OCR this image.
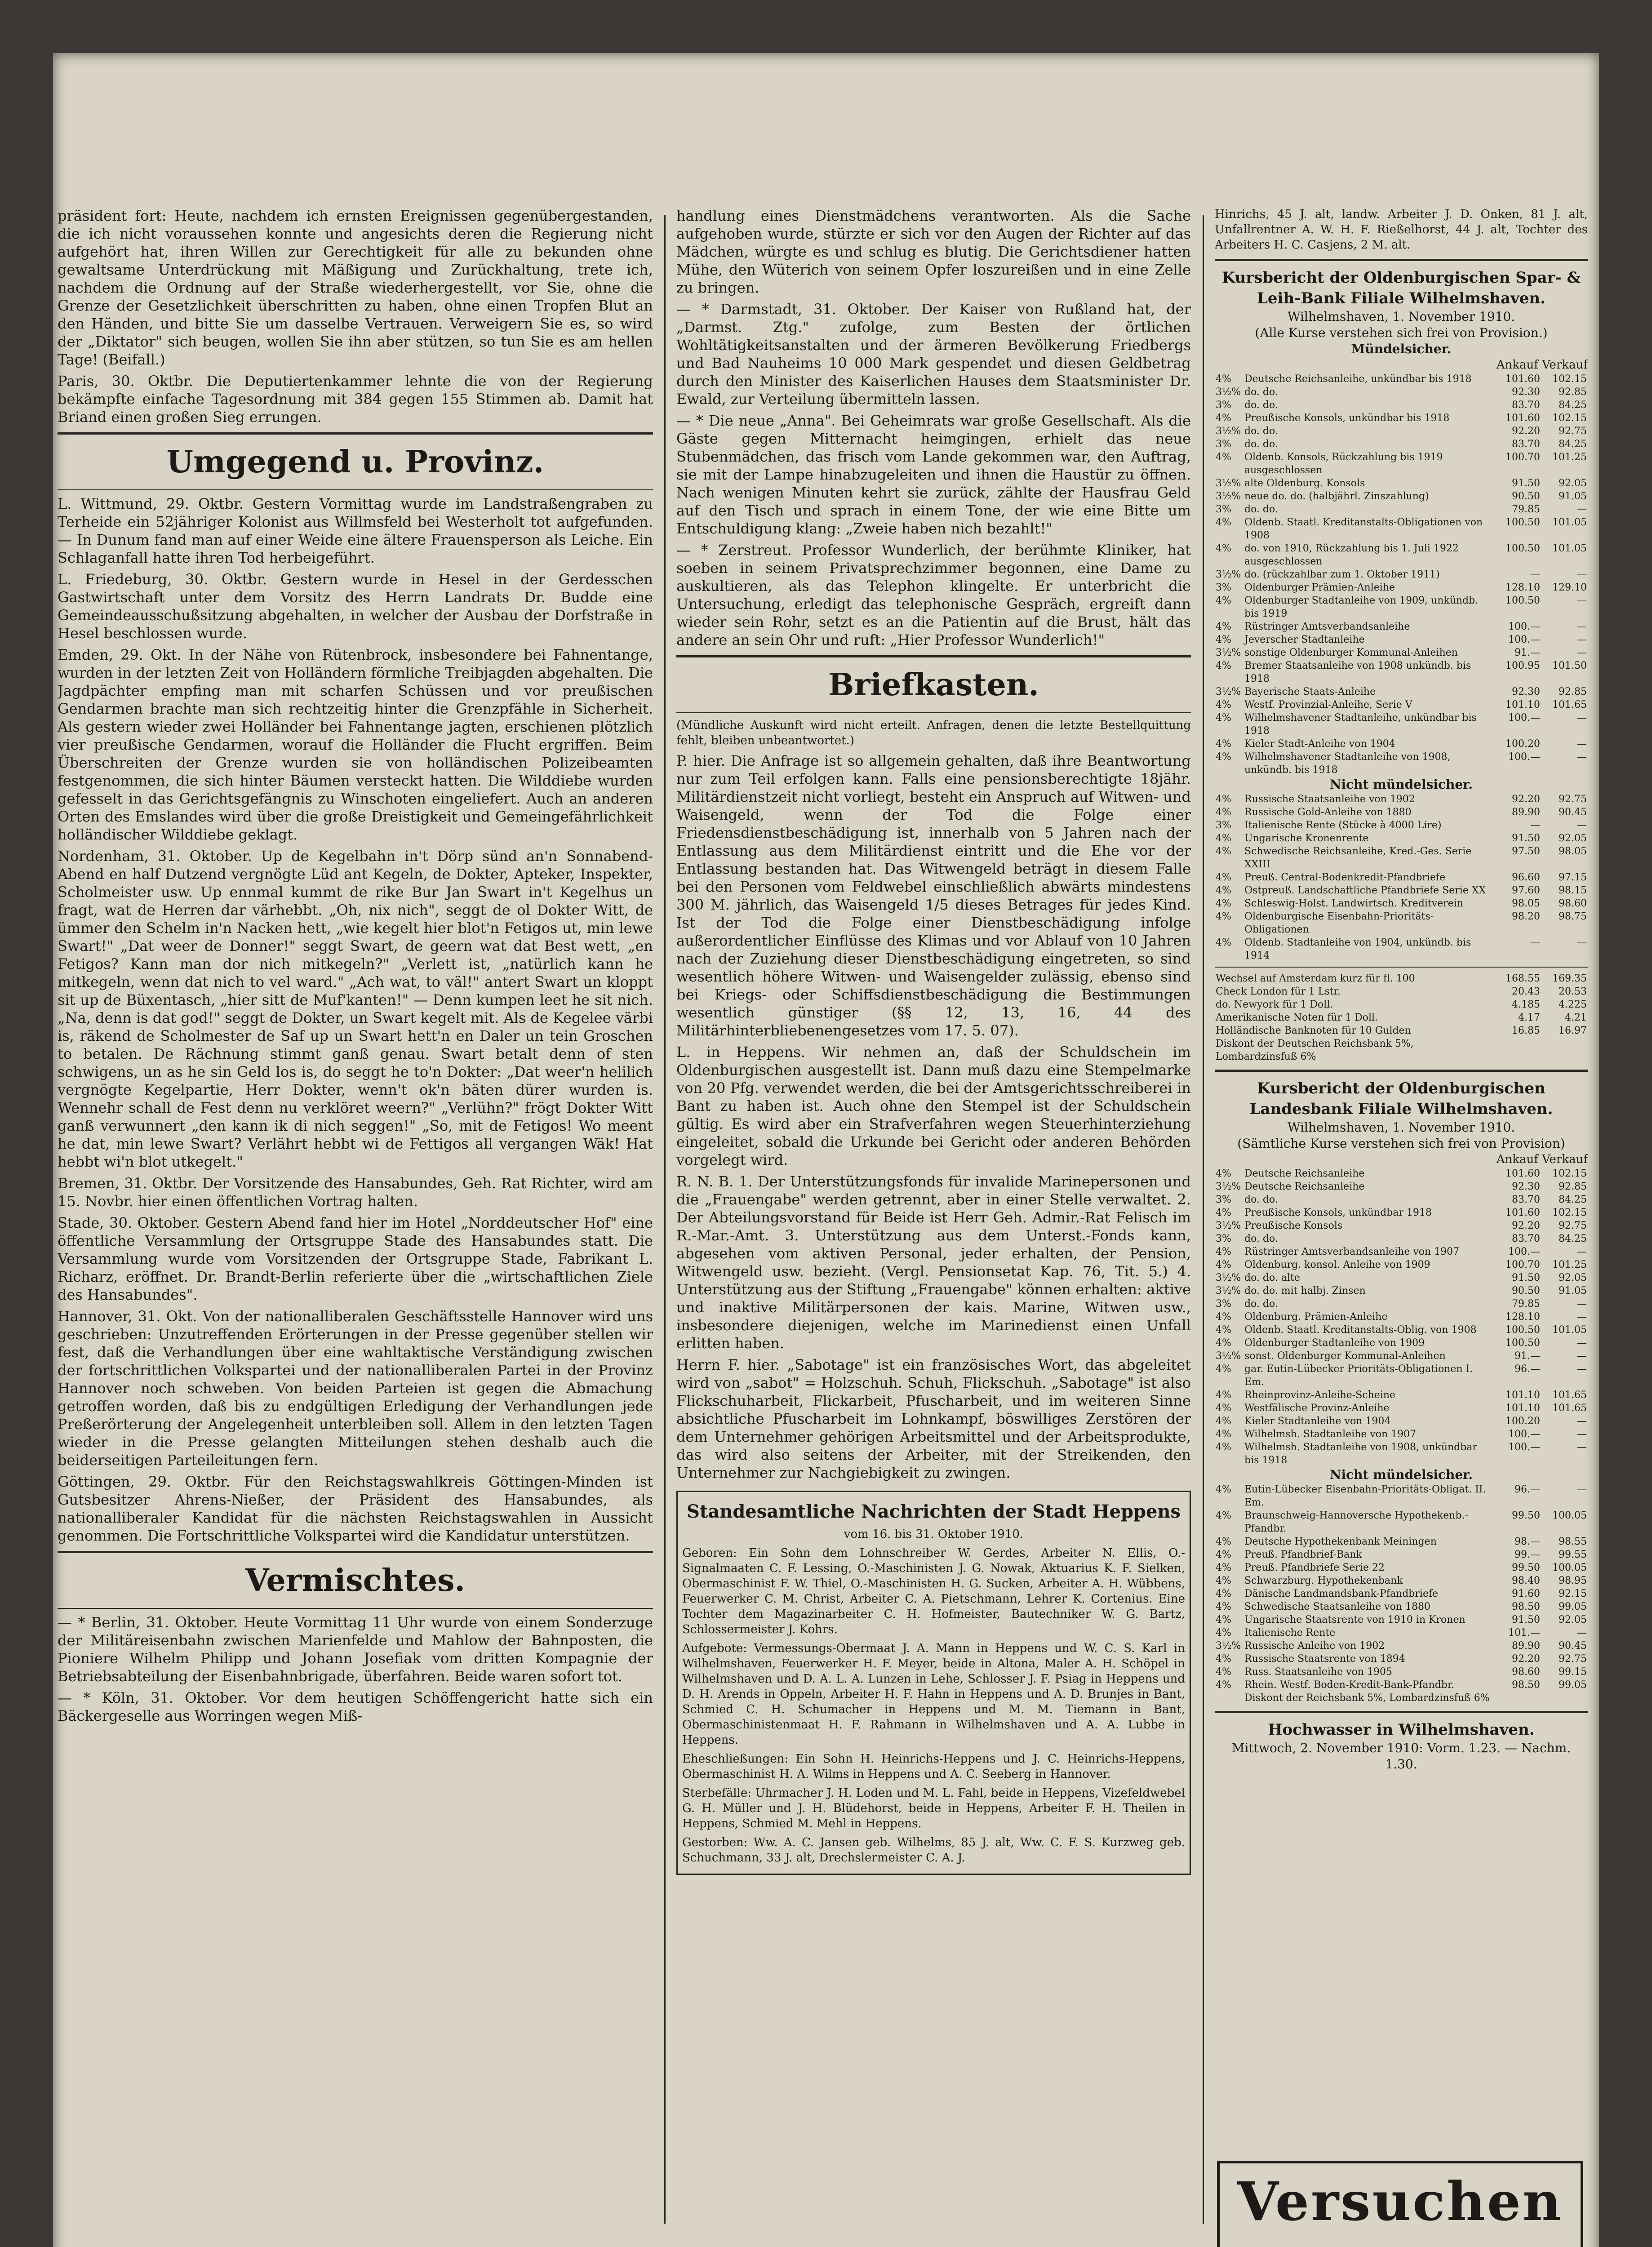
präsident fort: Heute, nachdem ich ernsten Ereignissen gegenübergestanden, die ich nicht voraussehen konnte und angesichts deren die Regierung nicht aufgehört hat, ihren Willen zur Gerechtigkeit für alle zu bekunden ohne gewaltsame Unterdrückung mit Mäßigung und Zurückhaltung, trete ich, nachdem die Ordnung auf der Straße wiederhergestellt, vor Sie, ohne die Grenze der Gesetzlichkeit überschritten zu haben, ohne einen Tropfen Blut an den Händen, und bitte Sie um dasselbe Vertrauen. Verweigern Sie es, so wird der „Diktator" sich beugen, wollen Sie ihn aber stützen, so tun Sie es am hellen Tage! (Beifall.)

Paris, 30. Oktbr. Die Deputiertenkammer lehnte die von der Regierung bekämpfte einfache Tagesordnung mit 384 gegen 155 Stimmen ab. Damit hat Briand einen großen Sieg errungen.

Umgegend u. Provinz.

L. Wittmund, 29. Oktbr. Gestern Vormittag wurde im Landstraßengraben zu Terheide ein 52jähriger Kolonist aus Willmsfeld bei Westerholt tot aufgefunden. — In Dunum fand man auf einer Weide eine ältere Frauensperson als Leiche. Ein Schlaganfall hatte ihren Tod herbeigeführt.

L. Friedeburg, 30. Oktbr. Gestern wurde in Hesel in der Gerdesschen Gastwirtschaft unter dem Vorsitz des Herrn Landrats Dr. Budde eine Gemeindeausschußsitzung abgehalten, in welcher der Ausbau der Dorfstraße in Hesel beschlossen wurde.

Emden, 29. Okt. In der Nähe von Rütenbrock, insbesondere bei Fahnentange, wurden in der letzten Zeit von Holländern förmliche Treibjagden abgehalten. Die Jagdpächter empfing man mit scharfen Schüssen und vor preußischen Gendarmen brachte man sich rechtzeitig hinter die Grenzpfähle in Sicherheit. Als gestern wieder zwei Holländer bei Fahnentange jagten, erschienen plötzlich vier preußische Gendarmen, worauf die Holländer die Flucht ergriffen. Beim Überschreiten der Grenze wurden sie von holländischen Polizeibeamten festgenommen, die sich hinter Bäumen versteckt hatten. Die Wilddiebe wurden gefesselt in das Gerichtsgefängnis zu Winschoten eingeliefert. Auch an anderen Orten des Emslandes wird über die große Dreistigkeit und Gemeingefährlichkeit holländischer Wilddiebe geklagt.

Nordenham, 31. Oktober. Up de Kegelbahn in't Dörp sünd an'n Sonnabend-Abend en half Dutzend vergnögte Lüd ant Kegeln, de Dokter, Apteker, Inspekter, Scholmeister usw. Up ennmal kummt de rike Bur Jan Swart in't Kegelhus un fragt, wat de Herren dar värhebbt. „Oh, nix nich", seggt de ol Dokter Witt, de ümmer den Schelm in'n Nacken hett, „wie kegelt hier blot'n Fetigos ut, min lewe Swart!" „Dat weer de Donner!" seggt Swart, de geern wat dat Best wett, „en Fetigos? Kann man dor nich mitkegeln?" „Verlett ist, „natürlich kann he mitkegeln, wenn dat nich to vel ward." „Ach wat, to väl!" antert Swart un kloppt sit up de Büxentasch, „hier sitt de Muf'kanten!" — Denn kumpen leet he sit nich. „Na, denn is dat god!" seggt de Dokter, un Swart kegelt mit. Als de Kegelee värbi is, räkend de Scholmester de Saf up un Swart hett'n en Daler un tein Groschen to betalen. De Rächnung stimmt ganß genau. Swart betalt denn of sten schwigens, un as he sin Geld los is, do seggt he to'n Dokter: „Dat weer'n helilich vergnögte Kegelpartie, Herr Dokter, wenn't ok'n bäten dürer wurden is. Wennehr schall de Fest denn nu verklöret weern?" „Verlühn?" frögt Dokter Witt ganß verwunnert „den kann ik di nich seggen!" „So, mit de Fetigos! Wo meent he dat, min lewe Swart? Verlährt hebbt wi de Fettigos all vergangen Wäk! Hat hebbt wi'n blot utkegelt."

Bremen, 31. Oktbr. Der Vorsitzende des Hansabundes, Geh. Rat Richter, wird am 15. Novbr. hier einen öffentlichen Vortrag halten.

Stade, 30. Oktober. Gestern Abend fand hier im Hotel „Norddeutscher Hof" eine öffentliche Versammlung der Ortsgruppe Stade des Hansabundes statt. Die Versammlung wurde vom Vorsitzenden der Ortsgruppe Stade, Fabrikant L. Richarz, eröffnet. Dr. Brandt-Berlin referierte über die „wirtschaftlichen Ziele des Hansabundes".

Hannover, 31. Okt. Von der nationalliberalen Geschäftsstelle Hannover wird uns geschrieben: Unzutreffenden Erörterungen in der Presse gegenüber stellen wir fest, daß die Verhandlungen über eine wahltaktische Verständigung zwischen der fortschrittlichen Volkspartei und der nationalliberalen Partei in der Provinz Hannover noch schweben. Von beiden Parteien ist gegen die Abmachung getroffen worden, daß bis zu endgültigen Erledigung der Verhandlungen jede Preßerörterung der Angelegenheit unterbleiben soll. Allem in den letzten Tagen wieder in die Presse gelangten Mitteilungen stehen deshalb auch die beiderseitigen Parteileitungen fern.

Göttingen, 29. Oktbr. Für den Reichstagswahlkreis Göttingen-Minden ist Gutsbesitzer Ahrens-Nießer, der Präsident des Hansabundes, als nationalliberaler Kandidat für die nächsten Reichstagswahlen in Aussicht genommen. Die Fortschrittliche Volkspartei wird die Kandidatur unterstützen.

Vermischtes.

— * Berlin, 31. Oktober. Heute Vormittag 11 Uhr wurde von einem Sonderzuge der Militäreisenbahn zwischen Marienfelde und Mahlow der Bahnposten, die Pioniere Wilhelm Philipp und Johann Josefiak vom dritten Kompagnie der Betriebsabteilung der Eisenbahnbrigade, überfahren. Beide waren sofort tot.

— * Köln, 31. Oktober. Vor dem heutigen Schöffengericht hatte sich ein Bäckergeselle aus Worringen wegen Miß-

handlung eines Dienstmädchens verantworten. Als die Sache aufgehoben wurde, stürzte er sich vor den Augen der Richter auf das Mädchen, würgte es und schlug es blutig. Die Gerichtsdiener hatten Mühe, den Wüterich von seinem Opfer loszureißen und in eine Zelle zu bringen.

— * Darmstadt, 31. Oktober. Der Kaiser von Rußland hat, der „Darmst. Ztg." zufolge, zum Besten der örtlichen Wohltätigkeitsanstalten und der ärmeren Bevölkerung Friedbergs und Bad Nauheims 10 000 Mark gespendet und diesen Geldbetrag durch den Minister des Kaiserlichen Hauses dem Staatsminister Dr. Ewald, zur Verteilung übermitteln lassen.

— * Die neue „Anna". Bei Geheimrats war große Gesellschaft. Als die Gäste gegen Mitternacht heimgingen, erhielt das neue Stubenmädchen, das frisch vom Lande gekommen war, den Auftrag, sie mit der Lampe hinabzugeleiten und ihnen die Haustür zu öffnen. Nach wenigen Minuten kehrt sie zurück, zählte der Hausfrau Geld auf den Tisch und sprach in einem Tone, der wie eine Bitte um Entschuldigung klang: „Zweie haben nich bezahlt!"

— * Zerstreut. Professor Wunderlich, der berühmte Kliniker, hat soeben in seinem Privatsprechzimmer begonnen, eine Dame zu auskultieren, als das Telephon klingelte. Er unterbricht die Untersuchung, erledigt das telephonische Gespräch, ergreift dann wieder sein Rohr, setzt es an die Patientin auf die Brust, hält das andere an sein Ohr und ruft: „Hier Professor Wunderlich!"

Briefkasten.

(Mündliche Auskunft wird nicht erteilt. Anfragen, denen die letzte Bestellquittung fehlt, bleiben unbeantwortet.)

P. hier. Die Anfrage ist so allgemein gehalten, daß ihre Beantwortung nur zum Teil erfolgen kann. Falls eine pensionsberechtigte 18jähr. Militärdienstzeit nicht vorliegt, besteht ein Anspruch auf Witwen- und Waisengeld, wenn der Tod die Folge einer Friedensdienstbeschädigung ist, innerhalb von 5 Jahren nach der Entlassung aus dem Militärdienst eintritt und die Ehe vor der Entlassung bestanden hat. Das Witwengeld beträgt in diesem Falle bei den Personen vom Feldwebel einschließlich abwärts mindestens 300 M. jährlich, das Waisengeld 1/5 dieses Betrages für jedes Kind. Ist der Tod die Folge einer Dienstbeschädigung infolge außerordentlicher Einflüsse des Klimas und vor Ablauf von 10 Jahren nach der Zuziehung dieser Dienstbeschädigung eingetreten, so sind wesentlich höhere Witwen- und Waisengelder zulässig, ebenso sind bei Kriegs- oder Schiffsdienstbeschädigung die Bestimmungen wesentlich günstiger (§§ 12, 13, 16, 44 des Militärhinterbliebenengesetzes vom 17. 5. 07).

L. in Heppens. Wir nehmen an, daß der Schuldschein im Oldenburgischen ausgestellt ist. Dann muß dazu eine Stempelmarke von 20 Pfg. verwendet werden, die bei der Amtsgerichtsschreiberei in Bant zu haben ist. Auch ohne den Stempel ist der Schuldschein gültig. Es wird aber ein Strafverfahren wegen Steuerhinterziehung eingeleitet, sobald die Urkunde bei Gericht oder anderen Behörden vorgelegt wird.

R. N. B. 1. Der Unterstützungsfonds für invalide Marinepersonen und die „Frauengabe" werden getrennt, aber in einer Stelle verwaltet. 2. Der Abteilungsvorstand für Beide ist Herr Geh. Admir.-Rat Felisch im R.-Mar.-Amt. 3. Unterstützung aus dem Unterst.-Fonds kann, abgesehen vom aktiven Personal, jeder erhalten, der Pension, Witwengeld usw. bezieht. (Vergl. Pensionsetat Kap. 76, Tit. 5.) 4. Unterstützung aus der Stiftung „Frauengabe" können erhalten: aktive und inaktive Militärpersonen der kais. Marine, Witwen usw., insbesondere diejenigen, welche im Marinedienst einen Unfall erlitten haben.

Herrn F. hier. „Sabotage" ist ein französisches Wort, das abgeleitet wird von „sabot" = Holzschuh. Schuh, Flickschuh. „Sabotage" ist also Flickschuharbeit, Flickarbeit, Pfuscharbeit, und im weiteren Sinne absichtliche Pfuscharbeit im Lohnkampf, böswilliges Zerstören der dem Unternehmer gehörigen Arbeitsmittel und der Arbeitsprodukte, das wird also seitens der Arbeiter, mit der Streikenden, den Unternehmer zur Nachgiebigkeit zu zwingen.

Standesamtliche Nachrichten der Stadt Heppens

vom 16. bis 31. Oktober 1910.

Geboren: Ein Sohn dem Lohnschreiber W. Gerdes, Arbeiter N. Ellis, O.-Signalmaaten C. F. Lessing, O.-Maschinisten J. G. Nowak, Aktuarius K. F. Sielken, Obermaschinist F. W. Thiel, O.-Maschinisten H. G. Sucken, Arbeiter A. H. Wübbens, Feuerwerker C. M. Christ, Arbeiter C. A. Pietschmann, Lehrer K. Cortenius. Eine Tochter dem Magazinarbeiter C. H. Hofmeister, Bautechniker W. G. Bartz, Schlossermeister J. Kohrs.

Aufgebote: Vermessungs-Obermaat J. A. Mann in Heppens und W. C. S. Karl in Wilhelmshaven, Feuerwerker H. F. Meyer, beide in Altona, Maler A. H. Schöpel in Wilhelmshaven und D. A. L. A. Lunzen in Lehe, Schlosser J. F. Psiag in Heppens und D. H. Arends in Oppeln, Arbeiter H. F. Hahn in Heppens und A. D. Brunjes in Bant, Schmied C. H. Schumacher in Heppens und M. M. Tiemann in Bant, Obermaschinistenmaat H. F. Rahmann in Wilhelmshaven und A. A. Lubbe in Heppens.

Eheschließungen: Ein Sohn H. Heinrichs-Heppens und J. C. Heinrichs-Heppens, Obermaschinist H. A. Wilms in Heppens und A. C. Seeberg in Hannover.

Sterbefälle: Uhrmacher J. H. Loden und M. L. Fahl, beide in Heppens, Vizefeldwebel G. H. Müller und J. H. Blüdehorst, beide in Heppens, Arbeiter F. H. Theilen in Heppens, Schmied M. Mehl in Heppens.

Gestorben: Ww. A. C. Jansen geb. Wilhelms, 85 J. alt, Ww. C. F. S. Kurzweg geb. Schuchmann, 33 J. alt, Drechslermeister C. A. J.

Hinrichs, 45 J. alt, landw. Arbeiter J. D. Onken, 81 J. alt, Unfallrentner A. W. H. F. Rießelhorst, 44 J. alt, Tochter des Arbeiters H. C. Casjens, 2 M. alt.

Kursbericht der Oldenburgischen Spar- & Leih-Bank Filiale Wilhelmshaven.
Wilhelmshaven, 1. November 1910.
(Alle Kurse verstehen sich frei von Provision.)
Mündelsicher.
Ankauf Verkauf
4%	Deutsche Reichsanleihe, unkündbar bis 1918	101.60	102.15
3½%	do. do.	92.30	92.85
3%	do. do.	83.70	84.25
4%	Preußische Konsols, unkündbar bis 1918	101.60	102.15
3½%	do. do.	92.20	92.75
3%	do. do.	83.70	84.25
4%	Oldenb. Konsols, Rückzahlung bis 1919 ausgeschlossen	100.70	101.25
3½%	alte Oldenburg. Konsols	91.50	92.05
3½%	neue do. do. (halbjährl. Zinszahlung)	90.50	91.05
3%	do. do.	79.85	—
4%	Oldenb. Staatl. Kreditanstalts-Obligationen von 1908	100.50	101.05
4%	do. von 1910, Rückzahlung bis 1. Juli 1922 ausgeschlossen	100.50	101.05
3½%	do. (rückzahlbar zum 1. Oktober 1911)	—	—
3%	Oldenburger Prämien-Anleihe	128.10	129.10
4%	Oldenburger Stadtanleihe von 1909, unkündb. bis 1919	100.50	—
4%	Rüstringer Amtsverbandsanleihe	100.—	—
4%	Jeverscher Stadtanleihe	100.—	—
3½%	sonstige Oldenburger Kommunal-Anleihen	91.—	—
4%	Bremer Staatsanleihe von 1908 unkündb. bis 1918	100.95	101.50
3½%	Bayerische Staats-Anleihe	92.30	92.85
4%	Westf. Provinzial-Anleihe, Serie V	101.10	101.65
4%	Wilhelmshavener Stadtanleihe, unkündbar bis 1918	100.—	—
4%	Kieler Stadt-Anleihe von 1904	100.20	—
4%	Wilhelmshavener Stadtanleihe von 1908, unkündb. bis 1918	100.—	—
Nicht mündelsicher.
4%	Russische Staatsanleihe von 1902	92.20	92.75
4%	Russische Gold-Anleihe von 1880	89.90	90.45
3%	Italienische Rente (Stücke à 4000 Lire)	—	—
4%	Ungarische Kronenrente	91.50	92.05
4%	Schwedische Reichsanleihe, Kred.-Ges. Serie XXIII	97.50	98.05
4%	Preuß. Central-Bodenkredit-Pfandbriefe	96.60	97.15
4%	Ostpreuß. Landschaftliche Pfandbriefe Serie XX	97.60	98.15
4%	Schleswig-Holst. Landwirtsch. Kreditverein	98.05	98.60
4%	Oldenburgische Eisenbahn-Prioritäts-Obligationen	98.20	98.75
4%	Oldenb. Stadtanleihe von 1904, unkündb. bis 1914	—	—
Wechsel auf Amsterdam kurz für fl. 100	168.55	169.35
Check London für 1 Lstr.	20.43	20.53
do. Newyork für 1 Doll.	4.185	4.225
Amerikanische Noten für 1 Doll.	4.17	4.21
Holländische Banknoten für 10 Gulden	16.85	16.97
Diskont der Deutschen Reichsbank 5%, Lombardzinsfuß 6%		
Kursbericht der Oldenburgischen Landesbank Filiale Wilhelmshaven.
Wilhelmshaven, 1. November 1910.
(Sämtliche Kurse verstehen sich frei von Provision)
Ankauf Verkauf
4%	Deutsche Reichsanleihe	101.60	102.15
3½%	Deutsche Reichsanleihe	92.30	92.85
3%	do. do.	83.70	84.25
4%	Preußische Konsols, unkündbar 1918	101.60	102.15
3½%	Preußische Konsols	92.20	92.75
3%	do. do.	83.70	84.25
4%	Rüstringer Amtsverbandsanleihe von 1907	100.—	—
4%	Oldenburg. konsol. Anleihe von 1909	100.70	101.25
3½%	do. do. alte	91.50	92.05
3½%	do. do. mit halbj. Zinsen	90.50	91.05
3%	do. do.	79.85	—
4%	Oldenburg. Prämien-Anleihe	128.10	—
4%	Oldenb. Staatl. Kreditanstalts-Oblig. von 1908	100.50	101.05
4%	Oldenburger Stadtanleihe von 1909	100.50	—
3½%	sonst. Oldenburger Kommunal-Anleihen	91.—	—
4%	gar. Eutin-Lübecker Prioritäts-Obligationen I. Em.	96.—	—
4%	Rheinprovinz-Anleihe-Scheine	101.10	101.65
4%	Westfälische Provinz-Anleihe	101.10	101.65
4%	Kieler Stadtanleihe von 1904	100.20	—
4%	Wilhelmsh. Stadtanleihe von 1907	100.—	—
4%	Wilhelmsh. Stadtanleihe von 1908, unkündbar bis 1918	100.—	—
Nicht mündelsicher.
4%	Eutin-Lübecker Eisenbahn-Prioritäts-Obligat. II. Em.	96.—	—
4%	Braunschweig-Hannoversche Hypothekenb.-Pfandbr.	99.50	100.05
4%	Deutsche Hypothekenbank Meiningen	98.—	98.55
4%	Preuß. Pfandbrief-Bank	99.—	99.55
4%	Preuß. Pfandbriefe Serie 22	99.50	100.05
4%	Schwarzburg. Hypothekenbank	98.40	98.95
4%	Dänische Landmandsbank-Pfandbriefe	91.60	92.15
4%	Schwedische Staatsanleihe von 1880	98.50	99.05
4%	Ungarische Staatsrente von 1910 in Kronen	91.50	92.05
4%	Italienische Rente	101.—	—
3½%	Russische Anleihe von 1902	89.90	90.45
4%	Russische Staatsrente von 1894	92.20	92.75
4%	Russ. Staatsanleihe von 1905	98.60	99.15
4%	Rhein. Westf. Boden-Kredit-Bank-Pfandbr.	98.50	99.05
	Diskont der Reichsbank 5%, Lombardzinsfuß 6%		
Hochwasser in Wilhelmshaven.
Mittwoch, 2. November 1910: Vorm. 1.23. — Nachm. 1.30.
Versuchen
